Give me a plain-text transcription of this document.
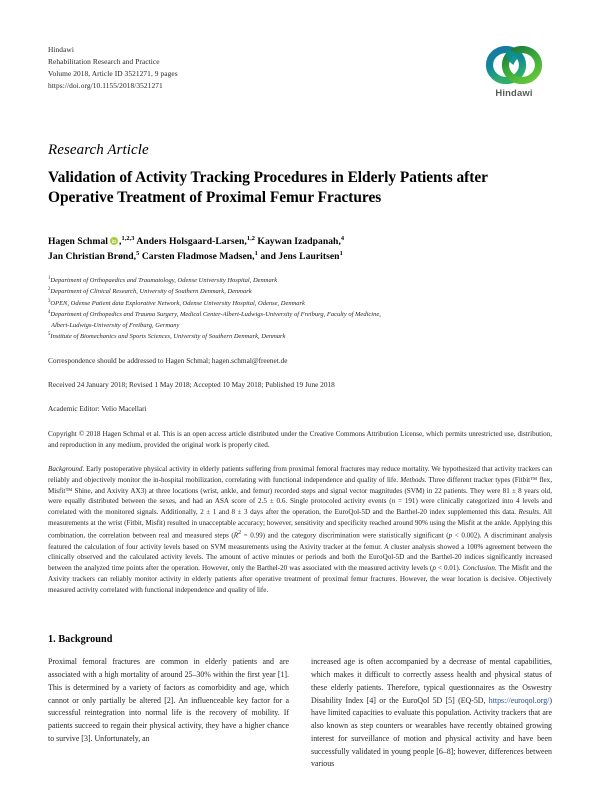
Hindawi
Rehabilitation Research and Practice
Volume 2018, Article ID 3521271, 9 pages
https://doi.org/10.1155/2018/3521271
Hindawi
Research Article
Validation of Activity Tracking Procedures in Elderly Patients after Operative Treatment of Proximal Femur Fractures
Hagen Schmal iD ,$^{1,2,3}$ Anders Holsgaard-Larsen,$^{1,2}$ Kaywan Izadpanah,$^4$
Jan Christian Brønd,$^5$ Carsten Fladmose Madsen,$^1$ and Jens Lauritsen$^1$
$^1$Department of Orthopaedics and Traumatology, Odense University Hospital, Denmark
$^2$Department of Clinical Research, University of Southern Denmark, Denmark
$^3$OPEN, Odense Patient data Explorative Network, Odense University Hospital, Odense, Denmark
$^4$Department of Orthopedics and Trauma Surgery, Medical Center-Albert-Ludwigs-University of Freiburg, Faculty of Medicine,
Albert-Ludwigs-University of Freiburg, Germany
$^5$Institute of Biomechanics and Sports Sciences, University of Southern Denmark, Denmark
Correspondence should be addressed to Hagen Schmal; hagen.schmal@freenet.de
Received 24 January 2018; Revised 1 May 2018; Accepted 10 May 2018; Published 19 June 2018
Academic Editor: Velio Macellari
Copyright © 2018 Hagen Schmal et al. This is an open access article distributed under the Creative Commons Attribution License, which permits unrestricted use, distribution, and reproduction in any medium, provided the original work is properly cited.
Background. Early postoperative physical activity in elderly patients suffering from proximal femoral fractures may reduce mortality. We hypothesized that activity trackers can reliably and objectively monitor the in-hospital mobilization, correlating with functional independence and quality of life. Methods. Three different tracker types (Fitbit™ flex, Misfit™ Shine, and Axivity AX3) at three locations (wrist, ankle, and femur) recorded steps and signal vector magnitudes (SVM) in 22 patients. They were 81 ± 8 years old, were equally distributed between the sexes, and had an ASA score of 2.5 ± 0.6. Single protocoled activity events (n = 191) were clinically categorized into 4 levels and correlated with the monitored signals. Additionally, 2 ± 1 and 8 ± 3 days after the operation, the EuroQol-5D and the Barthel-20 index supplemented this data. Results. All measurements at the wrist (Fitbit, Misfit) resulted in unacceptable accuracy; however, sensitivity and specificity reached around 90% using the Misfit at the ankle. Applying this combination, the correlation between real and measured steps $(R^2 = 0.99)$ and the category discrimination were statistically significant (p < 0.002). A discriminant analysis featured the calculation of four activity levels based on SVM measurements using the Axivity tracker at the femur. A cluster analysis showed a 100% agreement between the clinically observed and the calculated activity levels. The amount of active minutes or periods and both the EuroQol-5D and the Barthel-20 indices significantly increased between the analyzed time points after the operation. However, only the Barthel-20 was associated with the measured activity levels (p < 0.01). Conclusion. The Misfit and the Axivity trackers can reliably monitor activity in elderly patients after operative treatment of proximal femur fractures. However, the wear location is decisive. Objectively measured activity correlated with functional independence and quality of life.
1. Background

Proximal femoral fractures are common in elderly patients and are associated with a high mortality of around 25–30% within the first year [1]. This is determined by a variety of factors as comorbidity and age, which cannot or only partially be altered [2]. An influenceable key factor for a successful reintegration into normal life is the recovery of mobility. If patients succeed to regain their physical activity, they have a higher chance to survive [3]. Unfortunately, an

increased age is often accompanied by a decrease of mental capabilities, which makes it difficult to correctly assess health and physical status of these elderly patients. Therefore, typical questionnaires as the Oswestry Disability Index [4] or the EuroQol 5D [5] (EQ-5D, https://euroqol.org/) have limited capacities to evaluate this population. Activity trackers that are also known as step counters or wearables have recently obtained growing interest for surveillance of motion and physical activity and have been successfully validated in young people [6–8]; however, differences between various
